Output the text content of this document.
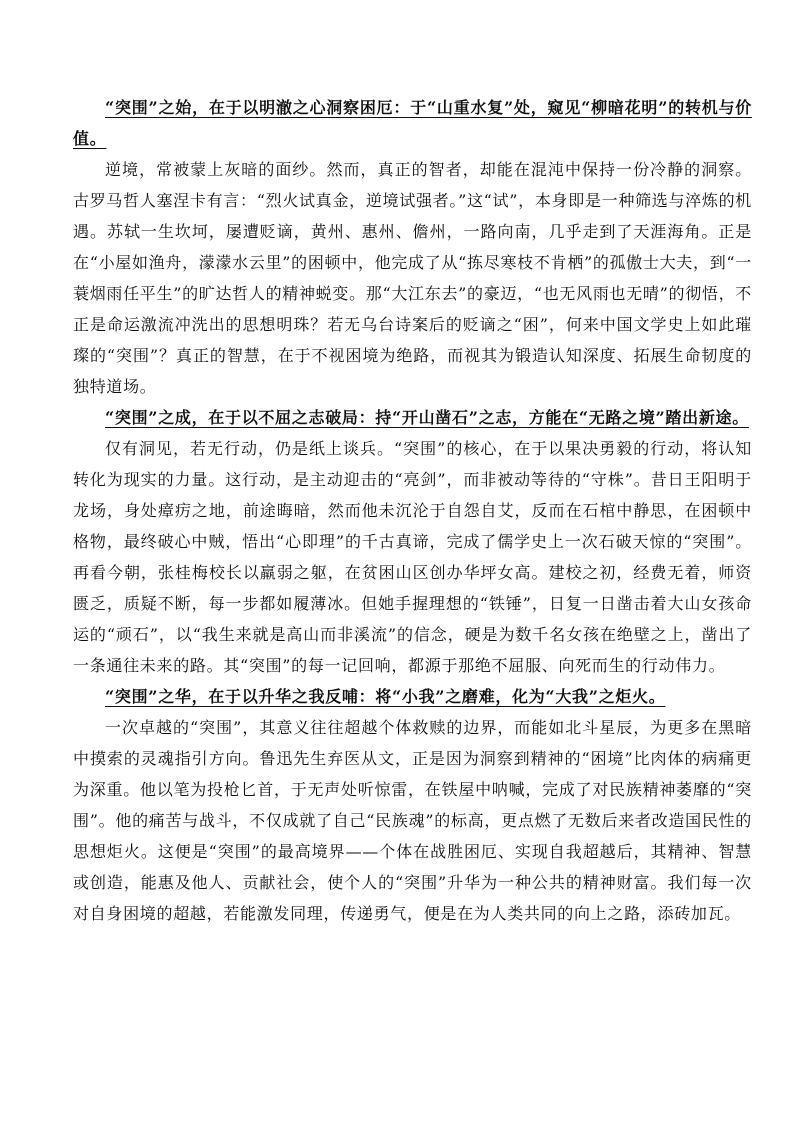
“突围”之始，在于以明澈之心洞察困厄：于“山重水复”处，窥见“柳暗花明”的转机与价值。

逆境，常被蒙上灰暗的面纱。然而，真正的智者，却能在混沌中保持一份冷静的洞察。古罗马哲人塞涅卡有言：“烈火试真金，逆境试强者。”这“试”，本身即是一种筛选与淬炼的机遇。苏轼一生坎坷，屡遭贬谪，黄州、惠州、儋州，一路向南，几乎走到了天涯海角。正是在“小屋如渔舟，濛濛水云里”的困顿中，他完成了从“拣尽寒枝不肯栖”的孤傲士大夫，到“一蓑烟雨任平生”的旷达哲人的精神蜕变。那“大江东去”的豪迈，“也无风雨也无晴”的彻悟，不正是命运激流冲洗出的思想明珠？若无乌台诗案后的贬谪之“困”，何来中国文学史上如此璀璨的“突围”？真正的智慧，在于不视困境为绝路，而视其为锻造认知深度、拓展生命韧度的独特道场。

“突围”之成，在于以不屈之志破局：持“开山凿石”之志，方能在“无路之境”踏出新途。

仅有洞见，若无行动，仍是纸上谈兵。“突围”的核心，在于以果决勇毅的行动，将认知转化为现实的力量。这行动，是主动迎击的“亮剑”，而非被动等待的“守株”。昔日王阳明于龙场，身处瘴疠之地，前途晦暗，然而他未沉沦于自怨自艾，反而在石棺中静思，在困顿中格物，最终破心中贼，悟出“心即理”的千古真谛，完成了儒学史上一次石破天惊的“突围”。再看今朝，张桂梅校长以羸弱之躯，在贫困山区创办华坪女高。建校之初，经费无着，师资匮乏，质疑不断，每一步都如履薄冰。但她手握理想的“铁锤”，日复一日凿击着大山女孩命运的“顽石”，以“我生来就是高山而非溪流”的信念，硬是为数千名女孩在绝壁之上，凿出了一条通往未来的路。其“突围”的每一记回响，都源于那绝不屈服、向死而生的行动伟力。

“突围”之华，在于以升华之我反哺：将“小我”之磨难，化为“大我”之炬火。

一次卓越的“突围”，其意义往往超越个体救赎的边界，而能如北斗星辰，为更多在黑暗中摸索的灵魂指引方向。鲁迅先生弃医从文，正是因为洞察到精神的“困境”比肉体的病痛更为深重。他以笔为投枪匕首，于无声处听惊雷，在铁屋中呐喊，完成了对民族精神萎靡的“突围”。他的痛苦与战斗，不仅成就了自己“民族魂”的标高，更点燃了无数后来者改造国民性的思想炬火。这便是“突围”的最高境界——个体在战胜困厄、实现自我超越后，其精神、智慧或创造，能惠及他人、贡献社会，使个人的“突围”升华为一种公共的精神财富。我们每一次对自身困境的超越，若能激发同理，传递勇气，便是在为人类共同的向上之路，添砖加瓦。
